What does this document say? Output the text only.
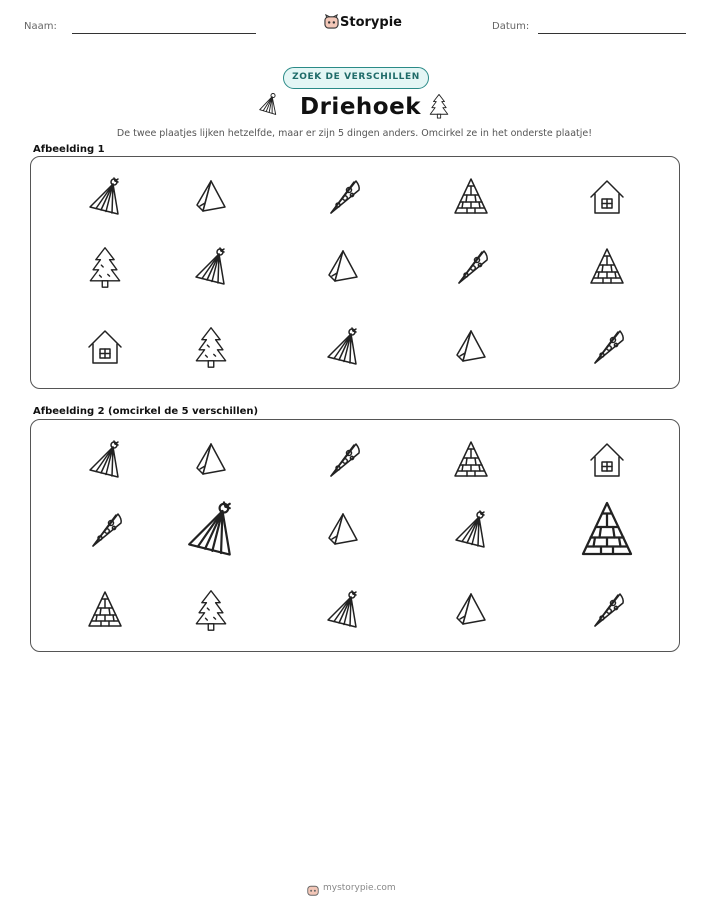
Naam:	Storypie	Datum:
ZOEK DE VERSCHILLEN
Driehoek
De twee plaatjes lijken hetzelfde, maar er zijn 5 dingen anders. Omcirkel ze in het onderste plaatje!
Afbeelding 1
Afbeelding 2 (omcirkel de 5 verschillen)
mystorypie.com
